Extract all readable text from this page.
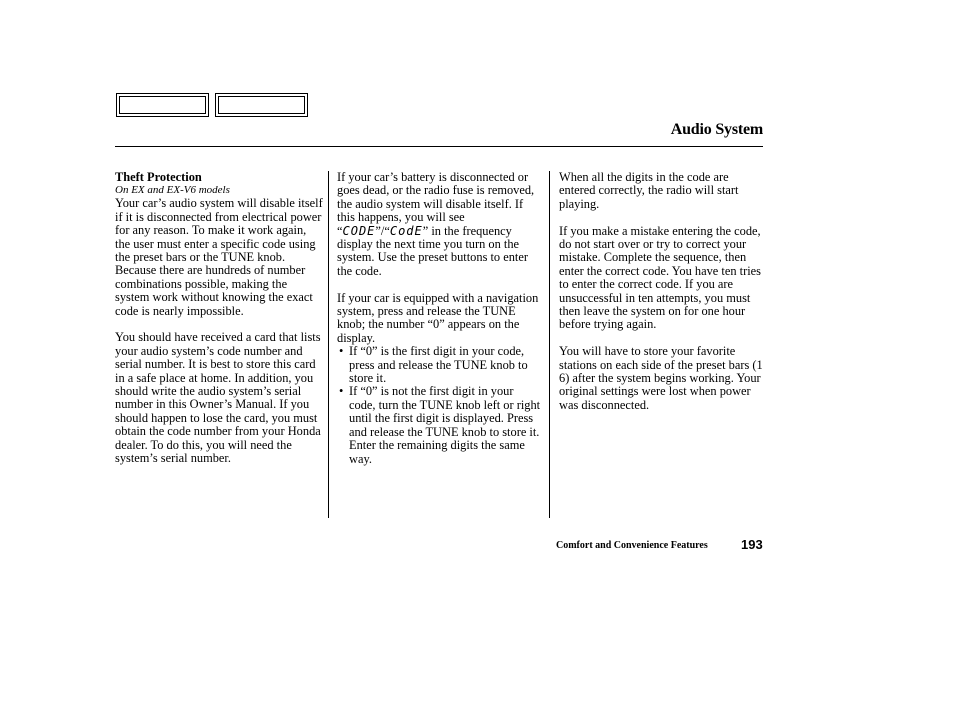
Audio System
Theft Protection
On EX and EX-V6 models

Your car’s audio system will disable itself if it is disconnected from electrical power for any reason. To make it work again, the user must enter a specific code using the preset bars or the TUNE knob. Because there are hundreds of number combinations possible, making the system work without knowing the exact code is nearly impossible.

You should have received a card that lists your audio system’s code number and serial number. It is best to store this card in a safe place at home. In addition, you should write the audio system’s serial number in this Owner’s Manual. If you should happen to lose the card, you must obtain the code number from your Honda dealer. To do this, you will need the system’s serial number.

If your car’s battery is disconnected or goes dead, or the radio fuse is removed, the audio system will disable itself. If this happens, you will see “CODE”/“CodE” in the frequency display the next time you turn on the system. Use the preset buttons to enter the code.

If your car is equipped with a navigation system, press and release the TUNE knob; the number “0” appears on the display.

• If “0” is the first digit in your code, press and release the TUNE knob to store it.
• If “0” is not the first digit in your code, turn the TUNE knob left or right until the first digit is displayed. Press and release the TUNE knob to store it. Enter the remaining digits the same way.

When all the digits in the code are entered correctly, the radio will start playing.

If you make a mistake entering the code, do not start over or try to correct your mistake. Complete the sequence, then enter the correct code. You have ten tries to enter the correct code. If you are unsuccessful in ten attempts, you must then leave the system on for one hour before trying again.

You will have to store your favorite stations on each side of the preset bars (1      6) after the system begins working. Your original settings were lost when power was disconnected.

Comfort and Convenience Features	193
